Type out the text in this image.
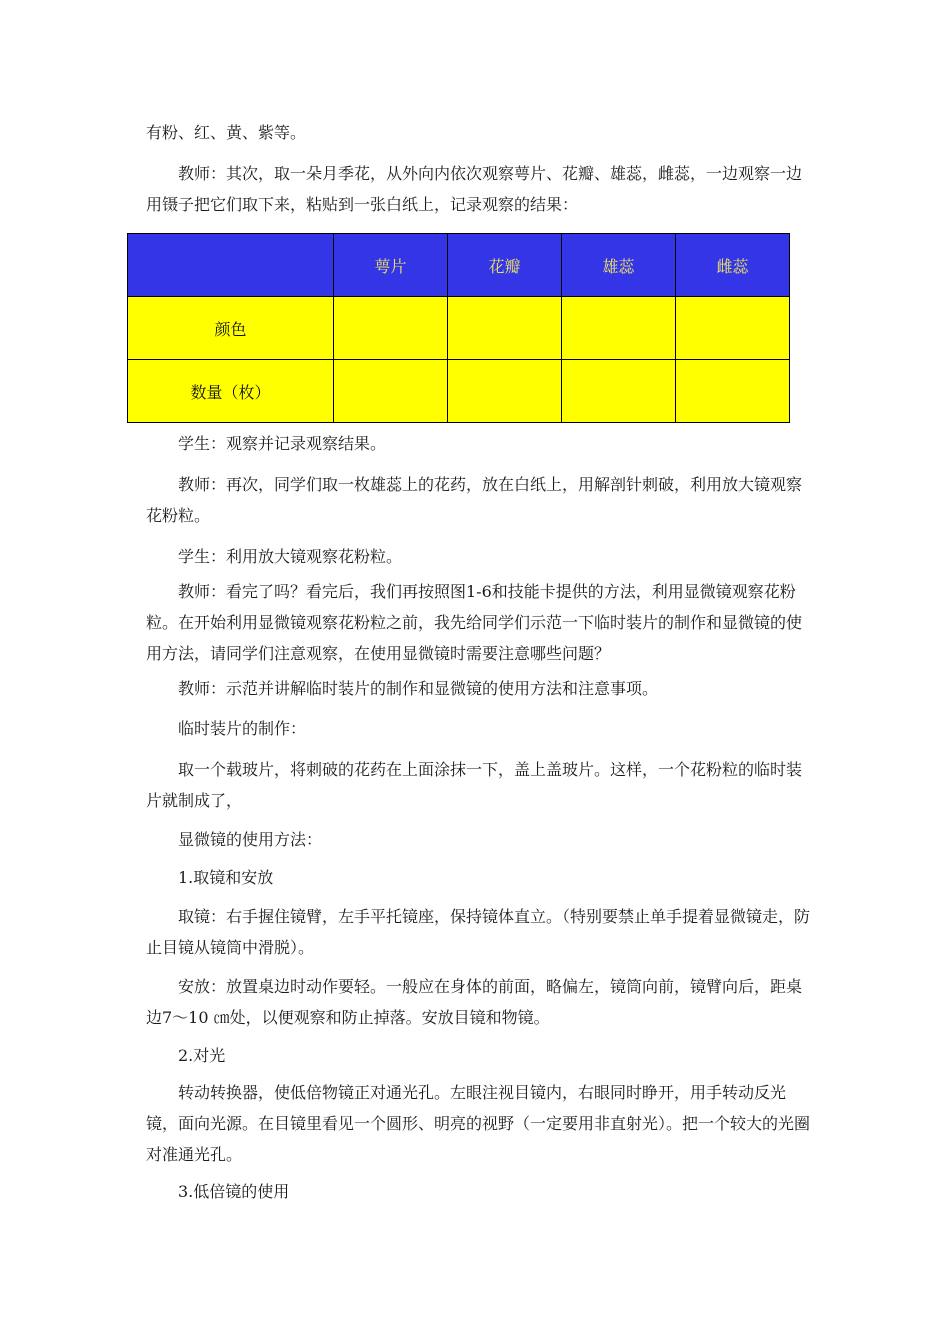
有粉、红、黄、紫等。

教师：其次，取一朵月季花，从外向内依次观察萼片、花瓣、雄蕊，雌蕊，一边观察一边用镊子把它们取下来，粘贴到一张白纸上，记录观察的结果：

	萼片	花瓣	雄蕊	雌蕊
颜色				
数量（枚）				

学生：观察并记录观察结果。

教师：再次，同学们取一枚雄蕊上的花药，放在白纸上，用解剖针刺破，利用放大镜观察花粉粒。

学生：利用放大镜观察花粉粒。

教师：看完了吗？看完后，我们再按照图1-6和技能卡提供的方法，利用显微镜观察花粉粒。在开始利用显微镜观察花粉粒之前，我先给同学们示范一下临时装片的制作和显微镜的使用方法，请同学们注意观察，在使用显微镜时需要注意哪些问题？

教师：示范并讲解临时装片的制作和显微镜的使用方法和注意事项。

临时装片的制作：

取一个载玻片，将刺破的花药在上面涂抹一下，盖上盖玻片。这样，一个花粉粒的临时装片就制成了，

显微镜的使用方法：

1.取镜和安放

取镜：右手握住镜臂，左手平托镜座，保持镜体直立。（特别要禁止单手提着显微镜走，防止目镜从镜筒中滑脱）。

安放：放置桌边时动作要轻。一般应在身体的前面，略偏左，镜筒向前，镜臂向后，距桌边7～10 ㎝处，以便观察和防止掉落。安放目镜和物镜。

2.对光

转动转换器，使低倍物镜正对通光孔。左眼注视目镜内，右眼同时睁开，用手转动反光镜，面向光源。在目镜里看见一个圆形、明亮的视野（一定要用非直射光）。把一个较大的光圈对准通光孔。

3.低倍镜的使用
